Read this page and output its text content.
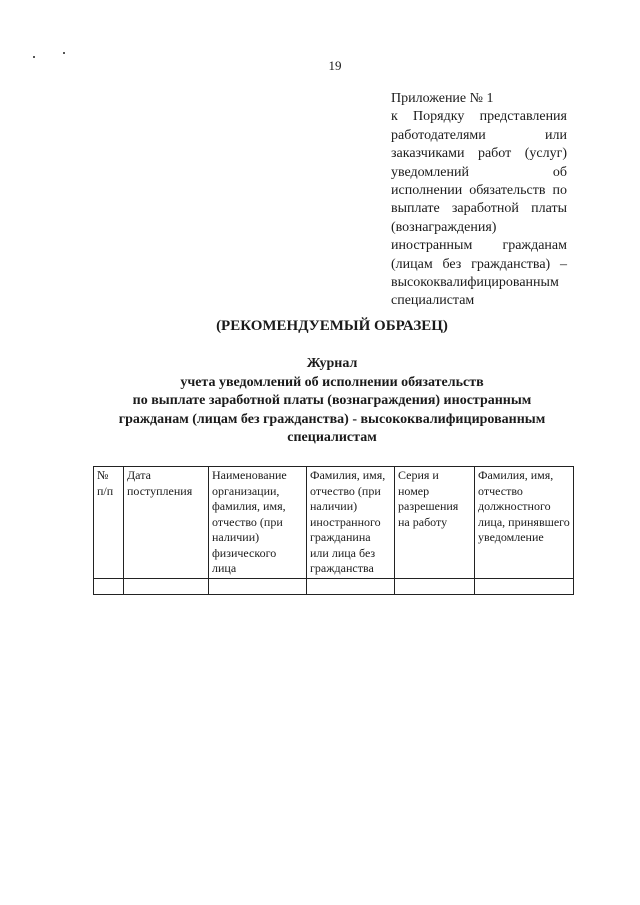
19
Приложение № 1
к Порядку представления
работодателями или
заказчиками работ (услуг)
уведомлений об
исполнении обязательств по
выплате заработной платы
(вознаграждения)
иностранным гражданам
(лицам без гражданства) –
высококвалифицированным
специалистам
(РЕКОМЕНДУЕМЫЙ ОБРАЗЕЦ)
Журнал
учета уведомлений об исполнении обязательств
по выплате заработной платы (вознаграждения) иностранным
гражданам (лицам без гражданства) - высококвалифицированным
специалистам
№ п/п	Дата поступления	Наименование организации, фамилия, имя, отчество (при наличии) физического лица	Фамилия, имя, отчество (при наличии) иностранного гражданина или лица без гражданства	Серия и номер разрешения на работу	Фамилия, имя, отчество должностного лица, принявшего уведомление
